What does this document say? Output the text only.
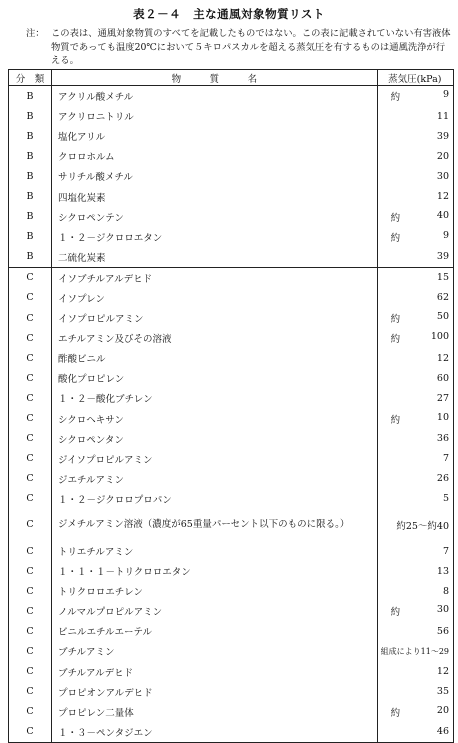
表２－４　主な通風対象物質リスト
注： この表は、通風対象物質のすべてを記載したものではない。この表に記載されていない有害液体物質であっても温度20℃において５キロパスカルを超える蒸気圧を有するものは通風洗浄が行える。
分　類	物　　　質　　　名	蒸気圧(kPa)
B	アクリル酸メチル	約 9
B	アクリロニトリル	11
B	塩化アリル	39
B	クロロホルム	20
B	サリチル酸メチル	30
B	四塩化炭素	12
B	シクロペンテン	約 40
B	１・２－ジクロロエタン	約 9
B	二硫化炭素	39
C	イソブチルアルデヒド	15
C	イソプレン	62
C	イソプロピルアミン	約 50
C	エチルアミン及びその溶液	約 100
C	酢酸ビニル	12
C	酸化プロピレン	60
C	１・２－酸化ブチレン	27
C	シクロヘキサン	約 10
C	シクロペンタン	36
C	ジイソプロピルアミン	7
C	ジエチルアミン	26
C	１・２－ジクロロプロパン	5
C	ジメチルアミン溶液（濃度が65重量パーセント以下のものに限る。）	約25～約40
C	トリエチルアミン	7
C	１・１・１－トリクロロエタン	13
C	トリクロロエチレン	8
C	ノルマルプロピルアミン	約 30
C	ビニルエチルエーテル	56
C	ブチルアミン	組成により11～29
C	ブチルアルデヒド	12
C	プロピオンアルデヒド	35
C	プロピレン二量体	約 20
C	１・３－ペンタジエン	46
